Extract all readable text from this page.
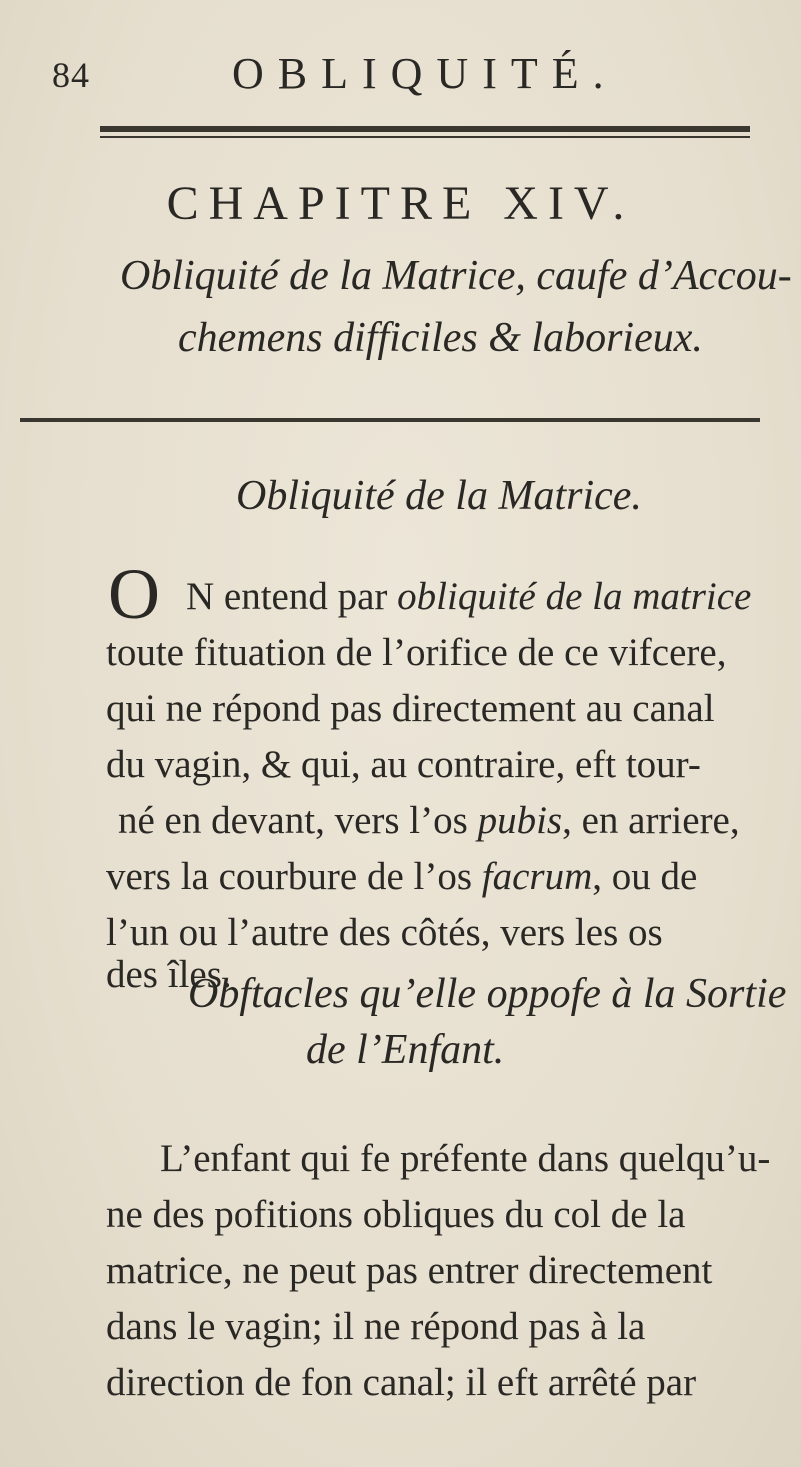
84	OBLIQUITÉ.
CHAPITRE XIV.
Obliquité de la Matrice, caufe d’Accou-
chemens difficiles & laborieux.
Obliquité de la Matrice.
O N entend par obliquité de la matrice
toute fituation de l’orifice de ce vifcere,
qui ne répond pas directement au canal
du vagin, & qui, au contraire, eft tour-
né en devant, vers l’os pubis, en arriere,
vers la courbure de l’os facrum, ou de
l’un ou l’autre des côtés, vers les os
des îles.
Obftacles qu’elle oppofe à la Sortie
de l’Enfant.
L’enfant qui fe préfente dans quelqu’u-
ne des pofitions obliques du col de la
matrice, ne peut pas entrer directement
dans le vagin; il ne répond pas à la
direction de fon canal; il eft arrêté par
